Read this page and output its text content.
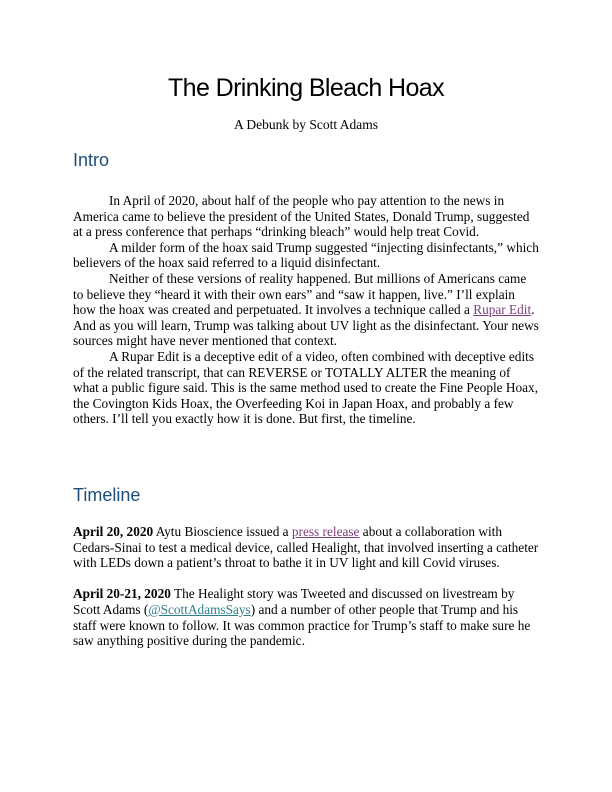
The Drinking Bleach Hoax
A Debunk by Scott Adams
Intro

In April of 2020, about half of the people who pay attention to the news in America came to believe the president of the United States, Donald Trump, suggested at a press conference that perhaps “drinking bleach” would help treat Covid.

A milder form of the hoax said Trump suggested “injecting disinfectants,” which believers of the hoax said referred to a liquid disinfectant.

Neither of these versions of reality happened. But millions of Americans came to believe they “heard it with their own ears” and “saw it happen, live.” I’ll explain how the hoax was created and perpetuated. It involves a technique called a Rupar Edit. And as you will learn, Trump was talking about UV light as the disinfectant. Your news sources might have never mentioned that context.

A Rupar Edit is a deceptive edit of a video, often combined with deceptive edits of the related transcript, that can REVERSE or TOTALLY ALTER the meaning of what a public figure said. This is the same method used to create the Fine People Hoax, the Covington Kids Hoax, the Overfeeding Koi in Japan Hoax, and probably a few others. I’ll tell you exactly how it is done. But first, the timeline.

Timeline

April 20, 2020 Aytu Bioscience issued a press release about a collaboration with Cedars-Sinai to test a medical device, called Healight, that involved inserting a catheter with LEDs down a patient’s throat to bathe it in UV light and kill Covid viruses.

April 20-21, 2020 The Healight story was Tweeted and discussed on livestream by Scott Adams (@ScottAdamsSays) and a number of other people that Trump and his staff were known to follow. It was common practice for Trump’s staff to make sure he saw anything positive during the pandemic.
